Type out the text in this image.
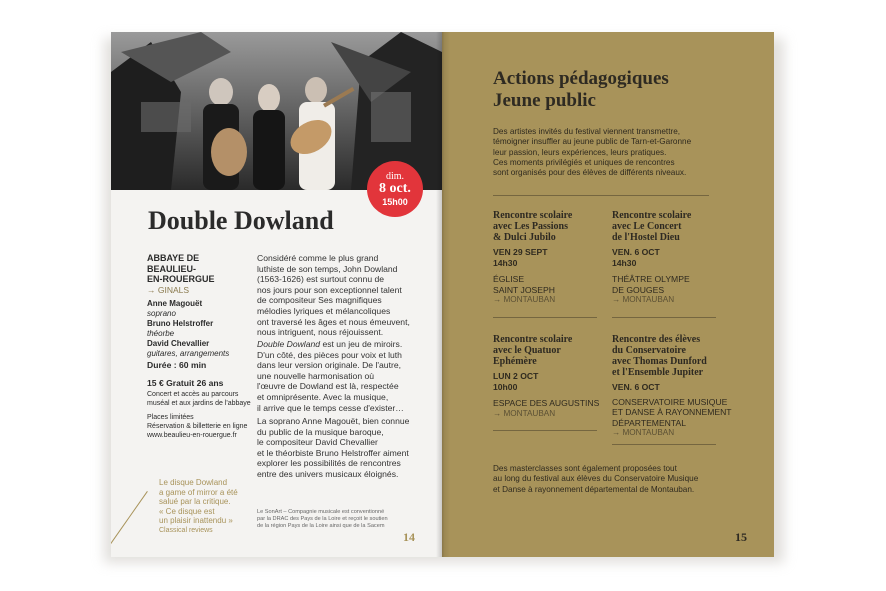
dim.
8 oct.
15h00
Double Dowland
ABBAYE DE
BEAULIEU-
EN-ROUERGUE
→ GINALS
Anne Magouët
soprano
Bruno Helstroffer
théorbe
David Chevallier
guitares, arrangements
Durée : 60 min
15 € Gratuit 26 ans
Concert et accès au parcours
muséal et aux jardins de l'abbaye
Places limitées
Réservation & billetterie en ligne
www.beaulieu-en-rouergue.fr
Considéré comme le plus grand
luthiste de son temps, John Dowland
(1563-1626) est surtout connu de
nos jours pour son exceptionnel talent
de compositeur Ses magnifiques
mélodies lyriques et mélancoliques
ont traversé les âges et nous émeuvent,
nous intriguent, nous réjouissent.
Double Dowland est un jeu de miroirs.
D'un côté, des pièces pour voix et luth
dans leur version originale. De l'autre,
une nouvelle harmonisation où
l'œuvre de Dowland est là, respectée
et omniprésente. Avec la musique,
il arrive que le temps cesse d'exister…
La soprano Anne Magouët, bien connue
du public de la musique baroque,
le compositeur David Chevallier
et le théorbiste Bruno Helstroffer aiment
explorer les possibilités de rencontres
entre des univers musicaux éloignés.
Le disque Dowland
a game of mirror a été
salué par la critique.
« Ce disque est
un plaisir inattendu »
Classical reviews
Le SonArt – Compagnie musicale est conventionné
par la DRAC des Pays de la Loire et reçoit le soutien
de la région Pays de la Loire ainsi que de la Sacem
14
Actions pédagogiques
Jeune public
Des artistes invités du festival viennent transmettre,
témoigner insuffler au jeune public de Tarn-et-Garonne
leur passion, leurs expériences, leurs pratiques.
Ces moments privilégiés et uniques de rencontres
sont organisés pour des élèves de différents niveaux.
Rencontre scolaire
avec Les Passions
& Dulci Jubilo
VEN 29 SEPT
14h30
ÉGLISE
SAINT JOSEPH
→ MONTAUBAN
Rencontre scolaire
avec Le Concert
de l'Hostel Dieu
VEN. 6 OCT
14h30
THÉÂTRE OLYMPE
DE GOUGES
→ MONTAUBAN
Rencontre scolaire
avec le Quatuor
Ephémère
LUN 2 OCT
10h00
ESPACE DES AUGUSTINS
→ MONTAUBAN
Rencontre des élèves
du Conservatoire
avec Thomas Dunford
et l'Ensemble Jupiter
VEN. 6 OCT
CONSERVATOIRE MUSIQUE
ET DANSE À RAYONNEMENT
DÉPARTEMENTAL
→ MONTAUBAN
Des masterclasses sont également proposées tout
au long du festival aux élèves du Conservatoire Musique
et Danse à rayonnement départemental de Montauban.
15
